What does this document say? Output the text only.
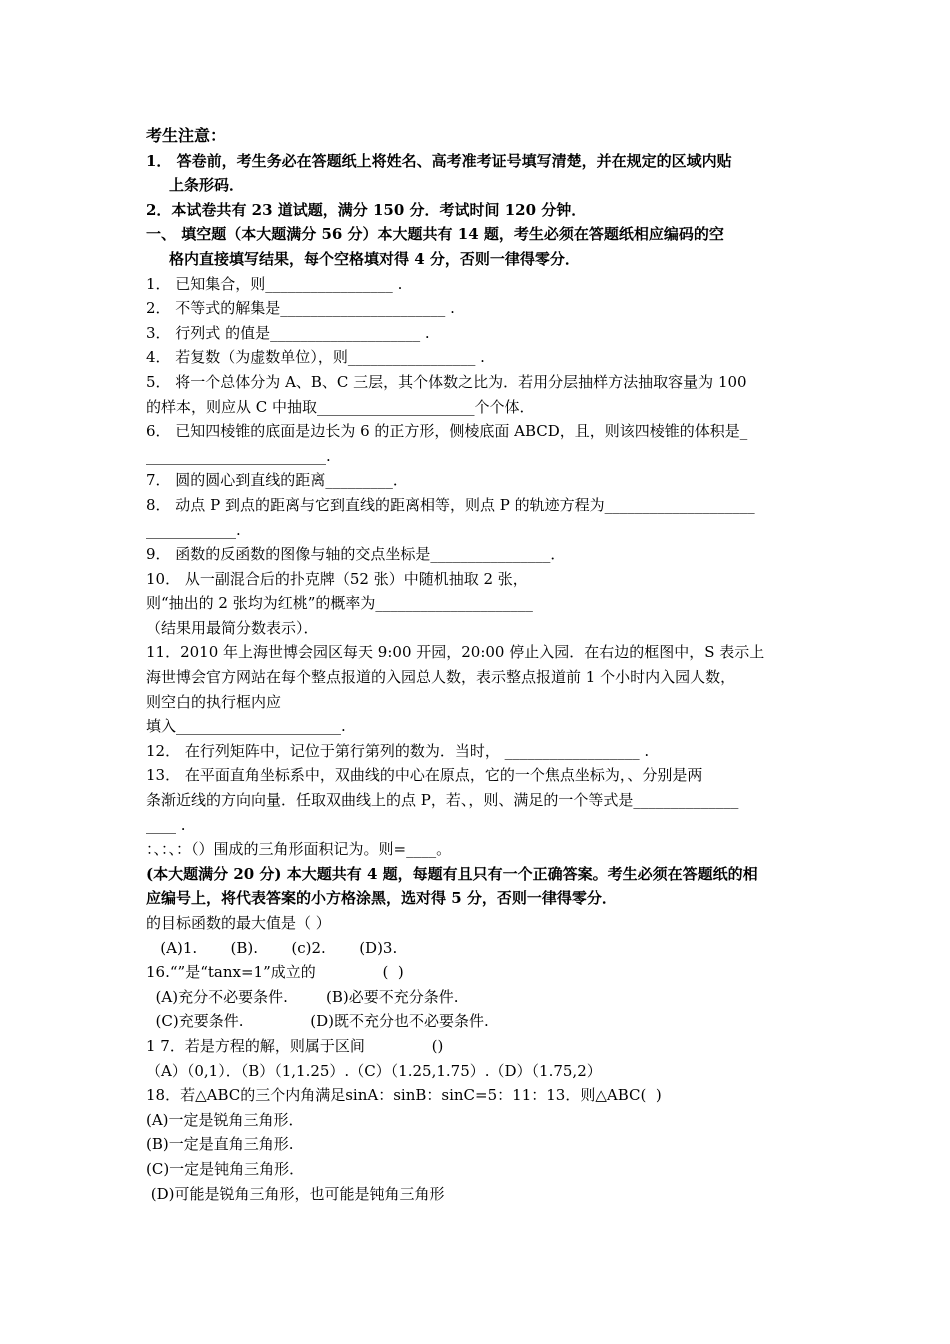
考生注意：
1． 答卷前，考生务必在答题纸上将姓名、高考准考证号填写清楚，并在规定的区域内贴
上条形码．
2．本试卷共有 23 道试题，满分 150 分．考试时间 120 分钟．
一、 填空题（本大题满分 56 分）本大题共有 14 题，考生必须在答题纸相应编码的空
格内直接填写结果，每个空格填对得 4 分，否则一律得零分．
1． 已知集合，则_________________ .
2． 不等式的解集是______________________ .
3． 行列式 的值是____________________ .
4． 若复数（为虚数单位），则_________________ .
5． 将一个总体分为 A、B、C 三层，其个体数之比为．若用分层抽样方法抽取容量为 100
的样本，则应从 C 中抽取_____________________个个体．
6． 已知四棱锥的底面是边长为 6 的正方形，侧棱底面 ABCD，且，则该四棱锥的体积是_
________________________.
7． 圆的圆心到直线的距离_________．
8． 动点 P 到点的距离与它到直线的距离相等，则点 P 的轨迹方程为____________________
____________.
9． 函数的反函数的图像与轴的交点坐标是________________．
10． 从一副混合后的扑克牌（52 张）中随机抽取 2 张，
则“抽出的 2 张均为红桃”的概率为_____________________
（结果用最简分数表示）．
11．2010 年上海世博会园区每天 9:00 开园，20:00 停止入园．在右边的框图中，S 表示上
海世博会官方网站在每个整点报道的入园总人数，表示整点报道前 1 个小时内入园人数，
则空白的执行框内应
填入______________________.
12． 在行列矩阵中，记位于第行第列的数为．当时， __________________ .
13． 在平面直角坐标系中，双曲线的中心在原点，它的一个焦点坐标为，、分别是两
条渐近线的方向向量．任取双曲线上的点 P，若、，则、满足的一个等式是______________
____ .
：、：、：（）围成的三角形面积记为。则=____。
(本大题满分 20 分) 本大题共有 4 题，每题有且只有一个正确答案。考生必须在答题纸的相
应编号上，将代表答案的小方格涂黑，选对得 5 分，否则一律得零分．
的目标函数的最大值是（ ）
(A)1.       (B).       (c)2.       (D)3.
16.“”是“tanx=1”成立的              (  )
(A)充分不必要条件.        (B)必要不充分条件.
(C)充要条件.              (D)既不充分也不必要条件.
1 7．若是方程的解，则属于区间              ()
（A）（0,1）．（B）（1,1.25）.（C）（1.25,1.75）.（D）（1.75,2）
18．若△ABC的三个内角满足sinA：sinB：sinC=5：11：13．则△ABC(  )
(A)一定是锐角三角形．
(B)一定是直角三角形.
(C)一定是钝角三角形．
(D)可能是锐角三角形，也可能是钝角三角形
